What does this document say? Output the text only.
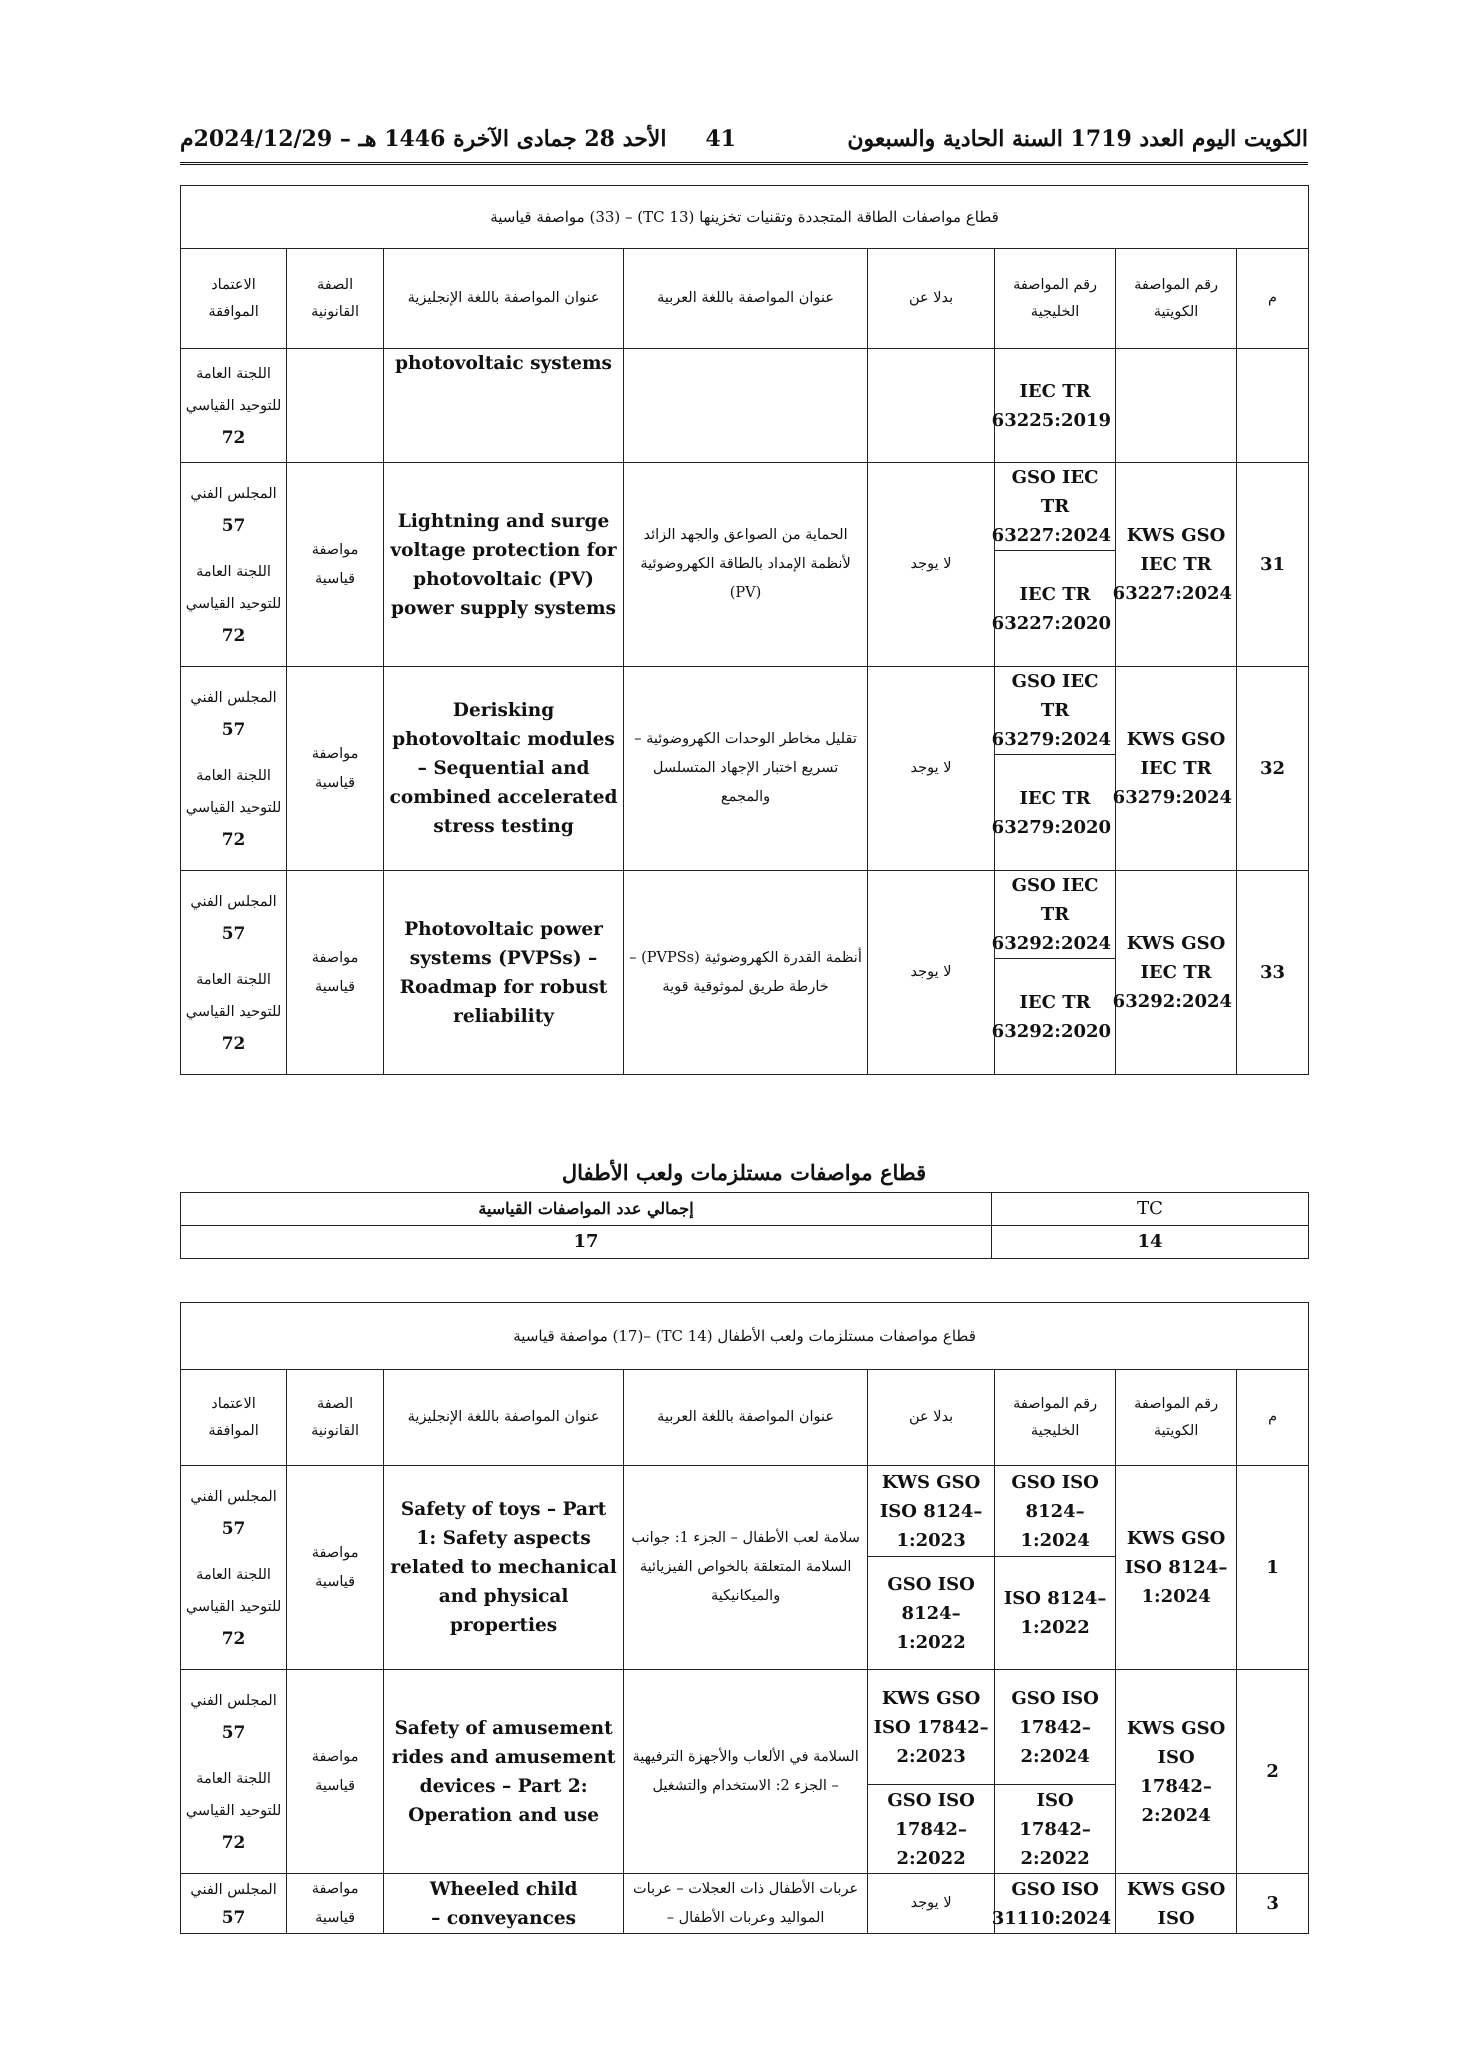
الكويت اليوم العدد 1719 السنة الحادية والسبعون
41
الأحد 28 جمادى الآخرة 1446 هـ – 2024/12/29م
قطاع مواصفات الطاقة المتجددة وتقنيات تخزينها (TC 13) – (33) مواصفة قياسية							
م	رقم المواصفة الكويتية	رقم المواصفة الخليجية	بدلا عن	عنوان المواصفة باللغة العربية	عنوان المواصفة باللغة الإنجليزية	الصفة القانونية	الاعتماد الموافقة
		IEC TR 63225:2019			photovoltaic systems		اللجنة العامة للتوحيد القياسي
72

31	KWS GSO IEC TR 63227:2024	GSO IEC TR 63227:2024	لا يوجد	الحماية من الصواعق والجهد الزائد لأنظمة الإمداد بالطاقة الكهروضوئية (PV)	Lightning and surge voltage protection for photovoltaic (PV) power supply systems	مواصفة قياسية	المجلس الفني
57
اللجنة العامة للتوحيد القياسي
72

		IEC TR 63227:2020					
32	KWS GSO IEC TR 63279:2024	GSO IEC TR 63279:2024	لا يوجد	تقليل مخاطر الوحدات الكهروضوئية – تسريع اختبار الإجهاد المتسلسل والمجمع	Derisking photovoltaic modules – Sequential and combined accelerated stress testing	مواصفة قياسية	المجلس الفني
57
اللجنة العامة للتوحيد القياسي
72

		IEC TR 63279:2020					
33	KWS GSO IEC TR 63292:2024	GSO IEC TR 63292:2024	لا يوجد	أنظمة القدرة الكهروضوئية (PVPSs) – خارطة طريق لموثوقية قوية	Photovoltaic power systems (PVPSs) – Roadmap for robust reliability	مواصفة قياسية	المجلس الفني
57
اللجنة العامة للتوحيد القياسي
72

		IEC TR 63292:2020					
قطاع مواصفات مستلزمات ولعب الأطفال
TC	إجمالي عدد المواصفات القياسية
14	17
قطاع مواصفات مستلزمات ولعب الأطفال (TC 14) –(17) مواصفة قياسية							
م	رقم المواصفة الكويتية	رقم المواصفة الخليجية	بدلا عن	عنوان المواصفة باللغة العربية	عنوان المواصفة باللغة الإنجليزية	الصفة القانونية	الاعتماد الموافقة
1	KWS GSO ISO 8124–1:2024	GSO ISO 8124–1:2024	KWS GSO ISO 8124–1:2023	سلامة لعب الأطفال – الجزء 1: جوانب السلامة المتعلقة بالخواص الفيزيائية والميكانيكية	Safety of toys – Part 1: Safety aspects related to mechanical and physical properties	مواصفة قياسية	المجلس الفني
57
اللجنة العامة للتوحيد القياسي
72

		ISO 8124–1:2022	GSO ISO 8124–1:2022				
2	KWS GSO ISO 17842–2:2024	GSO ISO 17842–2:2024	KWS GSO ISO 17842–2:2023	السلامة في الألعاب والأجهزة الترفيهية – الجزء 2: الاستخدام والتشغيل	Safety of amusement rides and amusement devices – Part 2: Operation and use	مواصفة قياسية	المجلس الفني
57
اللجنة العامة للتوحيد القياسي
72

		ISO 17842–2:2022	GSO ISO 17842–2:2022				
3	KWS GSO ISO	GSO ISO 31110:2024	لا يوجد	عربات الأطفال ذات العجلات – عربات المواليد وعربات الأطفال –	Wheeled child conveyances –	مواصفة قياسية	المجلس الفني
57
